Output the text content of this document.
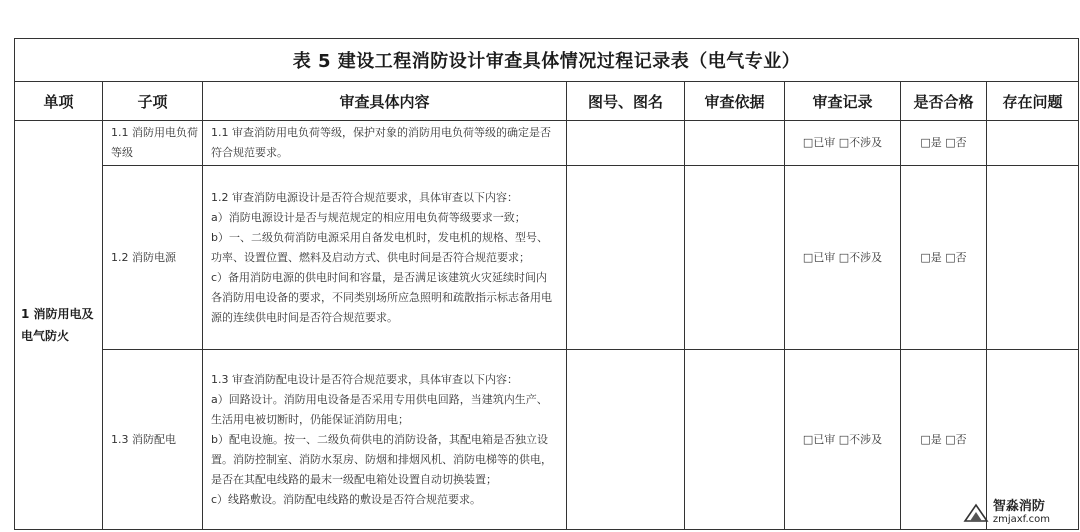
表 5 建设工程消防设计审查具体情况过程记录表（电气专业）							
单项	子项	审查具体内容	图号、图名	审查依据	审查记录	是否合格	存在问题
1 消防用电及电气防火	1.1 消防用电负荷等级	1.1 审查消防用电负荷等级，保护对象的消防用电负荷等级的确定是否符合规范要求。			□已审 □不涉及	□是 □否	
	1.2 消防电源	1.2 审查消防电源设计是否符合规范要求，具体审查以下内容：

a）消防电源设计是否与规范规定的相应用电负荷等级要求一致；

b）一、二级负荷消防电源采用自备发电机时，发电机的规格、型号、功率、设置位置、燃料及启动方式、供电时间是否符合规范要求；

c）备用消防电源的供电时间和容量，是否满足该建筑火灾延续时间内各消防用电设备的要求，不同类别场所应急照明和疏散指示标志备用电源的连续供电时间是否符合规范要求。			□已审 □不涉及	□是 □否	
	1.3 消防配电	1.3 审查消防配电设计是否符合规范要求，具体审查以下内容：

a）回路设计。消防用电设备是否采用专用供电回路，当建筑内生产、生活用电被切断时，仍能保证消防用电；

b）配电设施。按一、二级负荷供电的消防设备，其配电箱是否独立设置。消防控制室、消防水泵房、防烟和排烟风机、消防电梯等的供电，是否在其配电线路的最末一级配电箱处设置自动切换装置；

c）线路敷设。消防配电线路的敷设是否符合规范要求。			□已审 □不涉及	□是 □否	
智淼消防
zmjaxf.com
